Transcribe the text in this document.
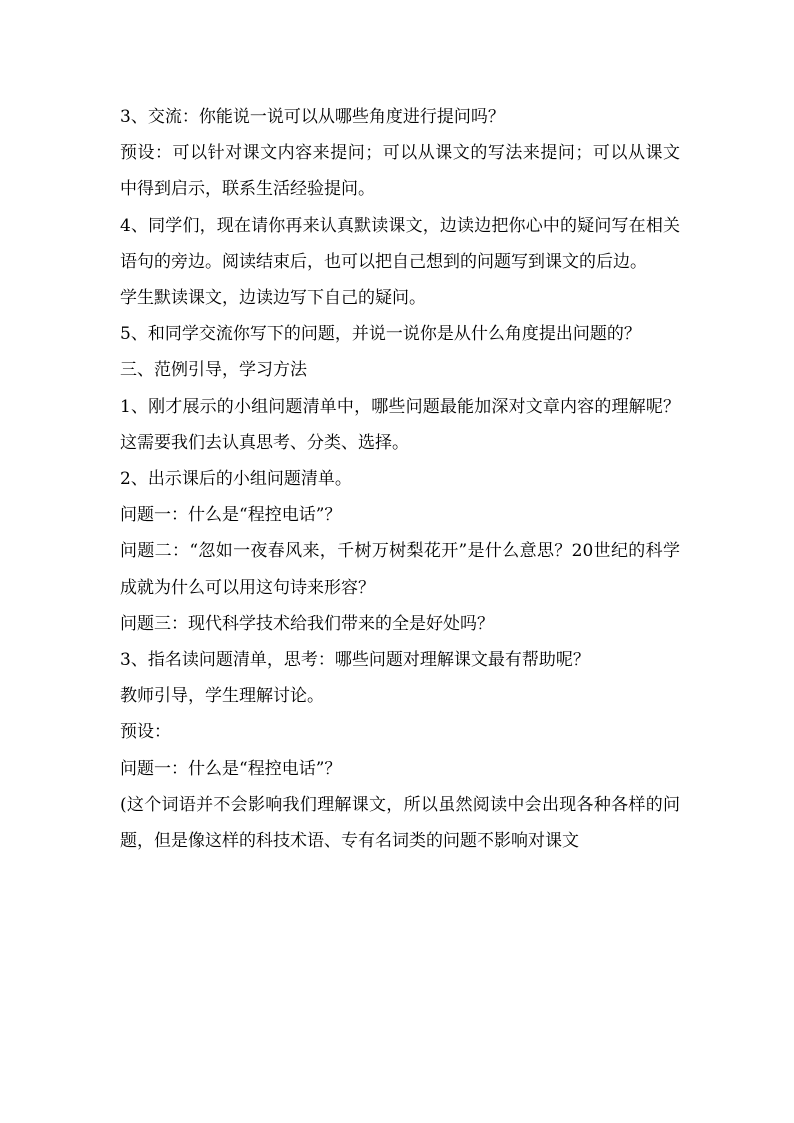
3、交流：你能说一说可以从哪些角度进行提问吗？

预设：可以针对课文内容来提问；可以从课文的写法来提问；可以从课文中得到启示，联系生活经验提问。

4、同学们，现在请你再来认真默读课文，边读边把你心中的疑问写在相关语句的旁边。阅读结束后，也可以把自己想到的问题写到课文的后边。

学生默读课文，边读边写下自己的疑问。

5、和同学交流你写下的问题，并说一说你是从什么角度提出问题的？

三、范例引导，学习方法

1、刚才展示的小组问题清单中，哪些问题最能加深对文章内容的理解呢？这需要我们去认真思考、分类、选择。

2、出示课后的小组问题清单。

问题一：什么是“程控电话”？

问题二：“忽如一夜春风来，千树万树梨花开”是什么意思？20世纪的科学成就为什么可以用这句诗来形容？

问题三：现代科学技术给我们带来的全是好处吗？

3、指名读问题清单，思考：哪些问题对理解课文最有帮助呢？

教师引导，学生理解讨论。

预设：

问题一：什么是“程控电话”？

(这个词语并不会影响我们理解课文，所以虽然阅读中会出现各种各样的问题，但是像这样的科技术语、专有名词类的问题不影响对课文
